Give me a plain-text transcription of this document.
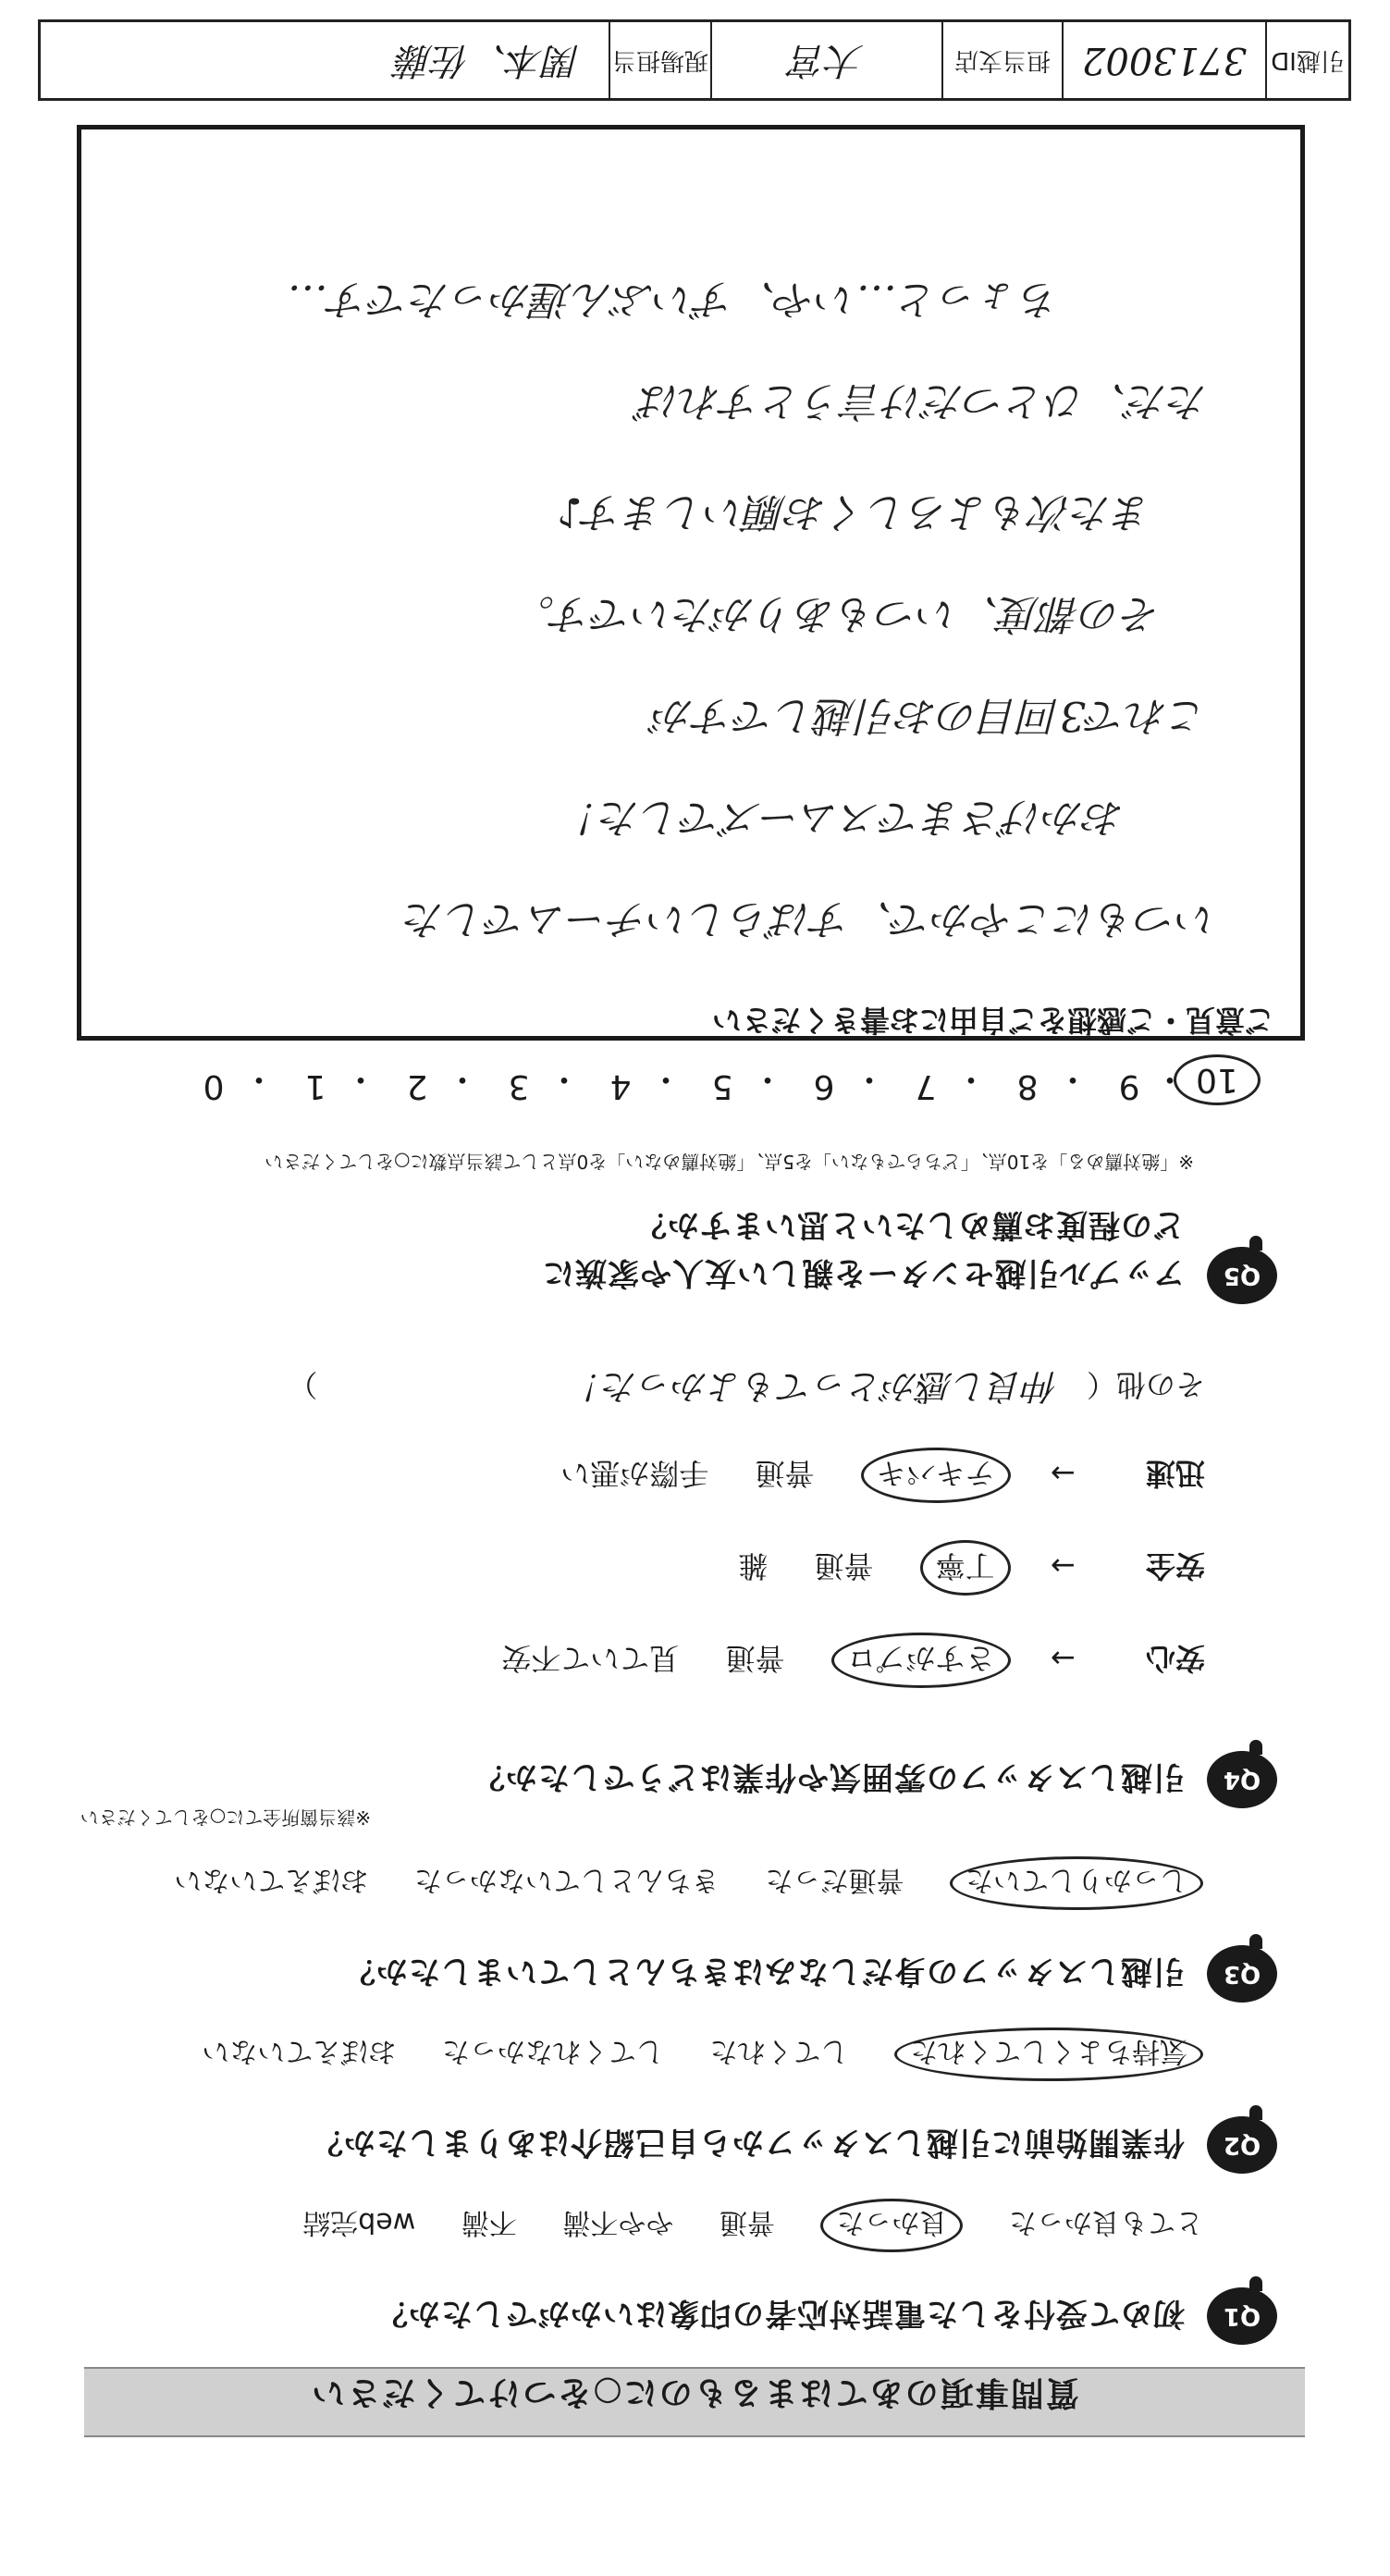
質問事項のあてはまるものに○をつけてください
Q1
初めて受付をした電話対応者の印象はいかがでしたか？
とても良かった 良かった 普通 やや不満 不満 web完結
Q2
作業開始前に引越しスタッフから自己紹介はありましたか？
気持ちよくしてくれた してくれた してくれなかった おぼえていない
Q3
引越しスタッフの身だしなみはきちんとしていましたか？
しっかりしていた 普通だった きちんとしていなかった おぼえていない
Q4
引越しスタッフの雰囲気や作業はどうでしたか？
※該当箇所全てに○をしてください
安心 → さすがプロ 普通 見ていて不安
安全 → 丁寧 普通 雑
迅速 → テキパキ 普通 手際が悪い
その他（ 仲良し感がとってもよかった！ ）
Q5
アップル引越センターを親しい友人や家族に
どの程度お薦めしたいと思いますか？
※「絶対薦める」を10点、「どちらでもない」を5点、「絶対薦めない」を0点として該当点数に○をしてください
10
・
9
・
8
・
7
・
6
・
5
・
4
・
3
・
2
・
1
・
0
ご意見・ご感想をご自由にお書きください
いつもにこやかで、すばらしいチームでした
おかげさまでスムーズでした！
これで3回目のお引越しですが
その都度、いつもありがたいです。
また次もよろしくお願いします♪
ただ、ひとつだけ言うとすれば
ちょっと…いや、ずいぶん遅かったです…
引越ID
3713002
担当支店
大宮
現場担当
関本、佐藤
